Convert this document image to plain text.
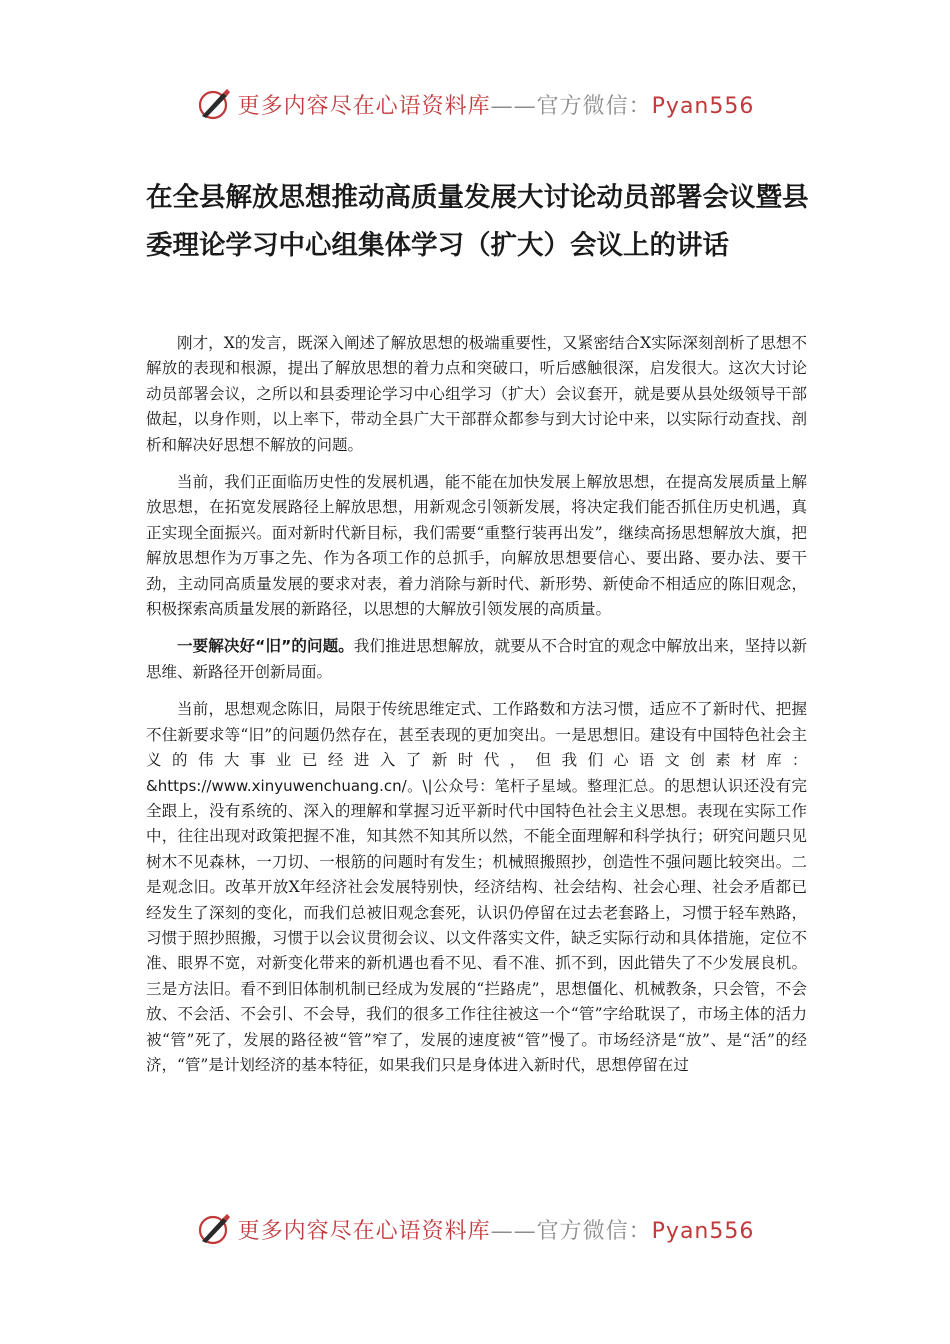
更多内容尽在心语资料库——官方微信：Pyan556
在全县解放思想推动高质量发展大讨论动员部署会议暨县委理论学习中心组集体学习（扩大）会议上的讲话

刚才，X的发言，既深入阐述了解放思想的极端重要性，又紧密结合X实际深刻剖析了思想不解放的表现和根源，提出了解放思想的着力点和突破口，听后感触很深，启发很大。这次大讨论动员部署会议，之所以和县委理论学习中心组学习（扩大）会议套开，就是要从县处级领导干部做起，以身作则，以上率下，带动全县广大干部群众都参与到大讨论中来，以实际行动查找、剖析和解决好思想不解放的问题。

当前，我们正面临历史性的发展机遇，能不能在加快发展上解放思想，在提高发展质量上解放思想，在拓宽发展路径上解放思想，用新观念引领新发展，将决定我们能否抓住历史机遇，真正实现全面振兴。面对新时代新目标，我们需要“重整行装再出发”，继续高扬思想解放大旗，把解放思想作为万事之先、作为各项工作的总抓手，向解放思想要信心、要出路、要办法、要干劲，主动同高质量发展的要求对表，着力消除与新时代、新形势、新使命不相适应的陈旧观念，积极探索高质量发展的新路径，以思想的大解放引领发展的高质量。

一要解决好“旧”的问题。我们推进思想解放，就要从不合时宜的观念中解放出来，坚持以新思维、新路径开创新局面。

当前，思想观念陈旧，局限于传统思维定式、工作路数和方法习惯，适应不了新时代、把握不住新要求等“旧”的问题仍然存在，甚至表现的更加突出。一是思想旧。建设有中国特色社会主义的伟大事业已经进入了新时代，但我们心语文创素材库：&https://www.xinyuwenchuang.cn/。\|公众号：笔杆子星域。整理汇总。的思想认识还没有完全跟上，没有系统的、深入的理解和掌握习近平新时代中国特色社会主义思想。表现在实际工作中，往往出现对政策把握不准，知其然不知其所以然，不能全面理解和科学执行；研究问题只见树木不见森林，一刀切、一根筋的问题时有发生；机械照搬照抄，创造性不强问题比较突出。二是观念旧。改革开放X年经济社会发展特别快，经济结构、社会结构、社会心理、社会矛盾都已经发生了深刻的变化，而我们总被旧观念套死，认识仍停留在过去老套路上，习惯于轻车熟路，习惯于照抄照搬，习惯于以会议贯彻会议、以文件落实文件，缺乏实际行动和具体措施，定位不准、眼界不宽，对新变化带来的新机遇也看不见、看不准、抓不到，因此错失了不少发展良机。三是方法旧。看不到旧体制机制已经成为发展的“拦路虎”，思想僵化、机械教条，只会管，不会放、不会活、不会引、不会导，我们的很多工作往往被这一个“管”字给耽误了，市场主体的活力被“管”死了，发展的路径被“管”窄了，发展的速度被“管”慢了。市场经济是“放”、是“活”的经济，“管”是计划经济的基本特征，如果我们只是身体进入新时代，思想停留在过

更多内容尽在心语资料库——官方微信：Pyan556
